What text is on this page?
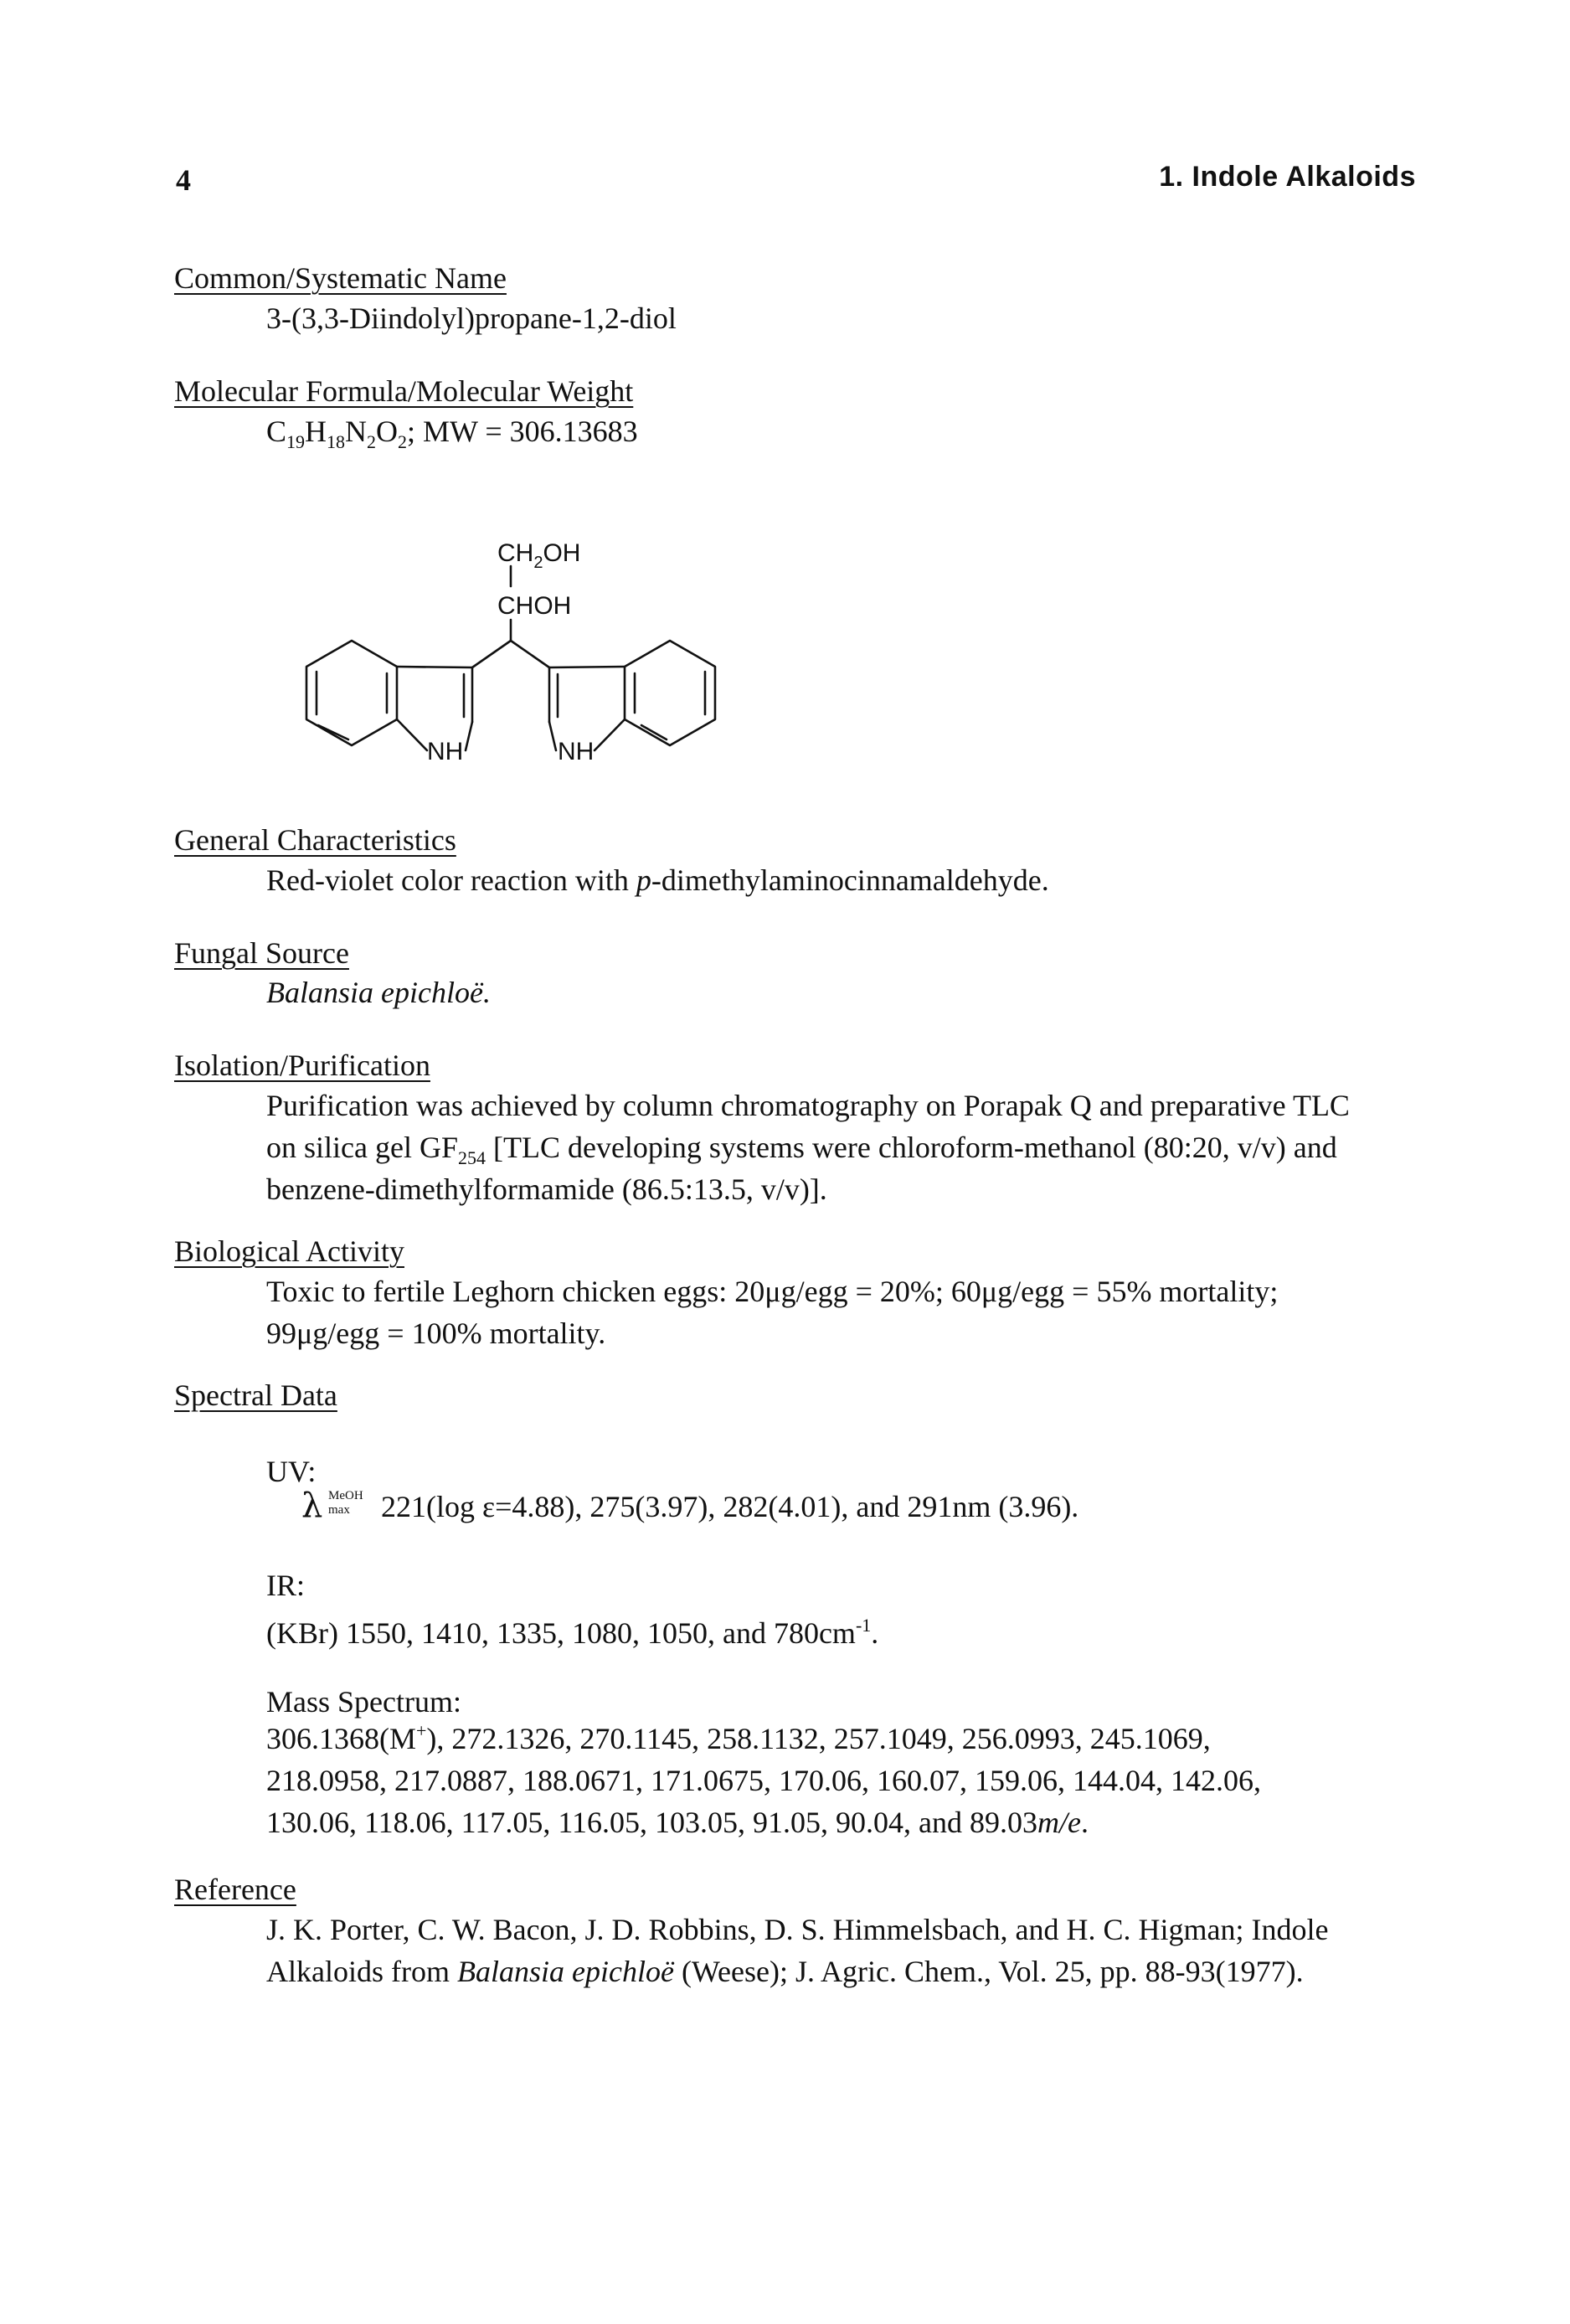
4	1. Indole Alkaloids
Common/Systematic Name
3-(3,3-Diindolyl)propane-1,2-diol
Molecular Formula/Molecular Weight
$C_{19}H_{18}N_2O_2$; MW = 306.13683
$CH_2OH$
CHOH
NH	NH
General Characteristics
Red-violet color reaction with p-dimethylaminocinnamaldehyde.
Fungal Source
Balansia epichloë.
Isolation/Purification
Purification was achieved by column chromatography on Porapak Q and preparative TLC
on silica gel $GF_{254}$ [TLC developing systems were chloroform-methanol (80:20, v/v) and
benzene-dimethylformamide (86.5:13.5, v/v)].
Biological Activity
Toxic to fertile Leghorn chicken eggs: 20μg/egg = 20%; 60μg/egg = 55% mortality;
99μg/egg = 100% mortality.
Spectral Data
UV:
λ MeOH
max 221(log ε=4.88), 275(3.97), 282(4.01), and 291nm (3.96).
IR:
(KBr) 1550, 1410, 1335, 1080, 1050, and $780cm^{-1}$.
Mass Spectrum:
306.1368(M+), 272.1326, 270.1145, 258.1132, 257.1049, 256.0993, 245.1069,
218.0958, 217.0887, 188.0671, 171.0675, 170.06, 160.07, 159.06, 144.04, 142.06,
130.06, 118.06, 117.05, 116.05, 103.05, 91.05, 90.04, and 89.03m/e.
Reference
J. K. Porter, C. W. Bacon, J. D. Robbins, D. S. Himmelsbach, and H. C. Higman; Indole
Alkaloids from Balansia epichloë (Weese); J. Agric. Chem., Vol. 25, pp. 88-93(1977).
